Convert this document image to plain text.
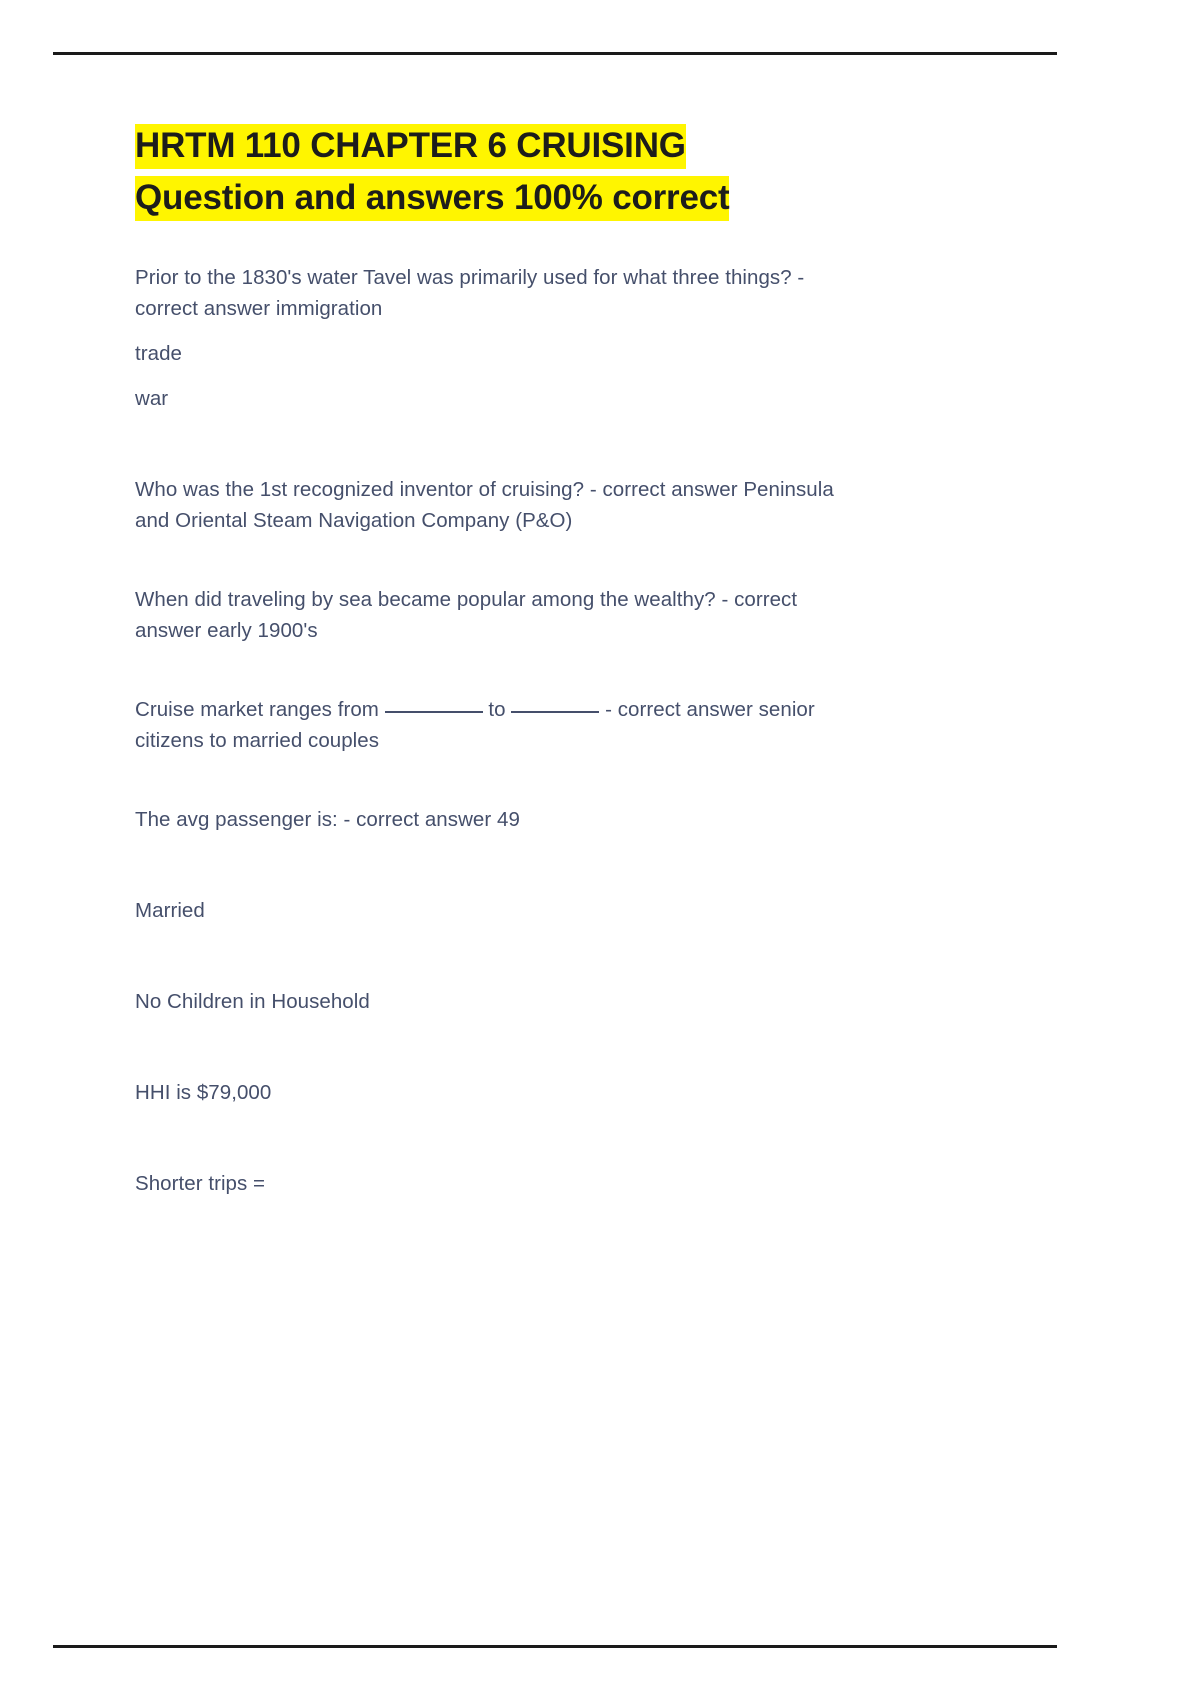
HRTM 110 CHAPTER 6 CRUISING
Question and answers 100% correct

Prior to the 1830's water Tavel was primarily used for what three things? -
correct answer immigration

trade

war

Who was the 1st recognized inventor of cruising? - correct answer Peninsula
and Oriental Steam Navigation Company (P&O)

When did traveling by sea became popular among the wealthy? - correct
answer early 1900's

Cruise market ranges from	to	- correct answer senior
citizens to married couples

The avg passenger is: - correct answer 49

Married

No Children in Household

HHI is $79,000

Shorter trips =
